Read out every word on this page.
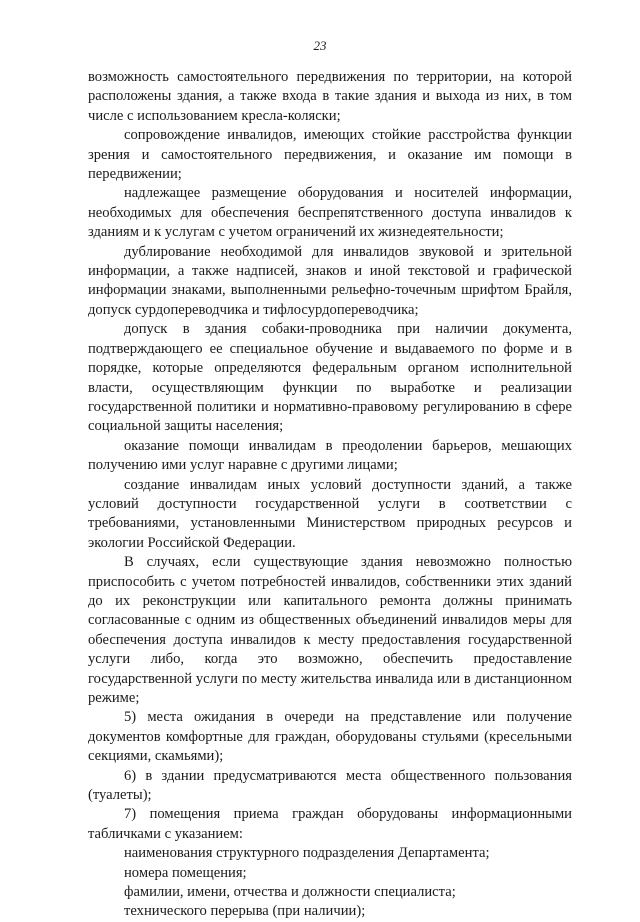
23

возможность самостоятельного передвижения по территории, на которой расположены здания, а также входа в такие здания и выхода из них, в том числе с использованием кресла-коляски;

сопровождение инвалидов, имеющих стойкие расстройства функции зрения и самостоятельного передвижения, и оказание им помощи в передвижении;

надлежащее размещение оборудования и носителей информации, необходимых для обеспечения беспрепятственного доступа инвалидов к зданиям и к услугам с учетом ограничений их жизнедеятельности;

дублирование необходимой для инвалидов звуковой и зрительной информации, а также надписей, знаков и иной текстовой и графической информации знаками, выполненными рельефно-точечным шрифтом Брайля, допуск сурдопереводчика и тифлосурдопереводчика;

допуск в здания собаки-проводника при наличии документа, подтверждающего ее специальное обучение и выдаваемого по форме и в порядке, которые определяются федеральным органом исполнительной власти, осуществляющим функции по выработке и реализации государственной политики и нормативно-правовому регулированию в сфере социальной защиты населения;

оказание помощи инвалидам в преодолении барьеров, мешающих получению ими услуг наравне с другими лицами;

создание инвалидам иных условий доступности зданий, а также условий доступности государственной услуги в соответствии с требованиями, установленными Министерством природных ресурсов и экологии Российской Федерации.

В случаях, если существующие здания невозможно полностью приспособить с учетом потребностей инвалидов, собственники этих зданий до их реконструкции или капитального ремонта должны принимать согласованные с одним из общественных объединений инвалидов меры для обеспечения доступа инвалидов к месту предоставления государственной услуги либо, когда это возможно, обеспечить предоставление государственной услуги по месту жительства инвалида или в дистанционном режиме;

5) места ожидания в очереди на представление или получение документов комфортные для граждан, оборудованы стульями (кресельными секциями, скамьями);

6) в здании предусматриваются места общественного пользования (туалеты);

7) помещения приема граждан оборудованы информационными табличками с указанием:

наименования структурного подразделения Департамента;

номера помещения;

фамилии, имени, отчества и должности специалиста;

технического перерыва (при наличии);
